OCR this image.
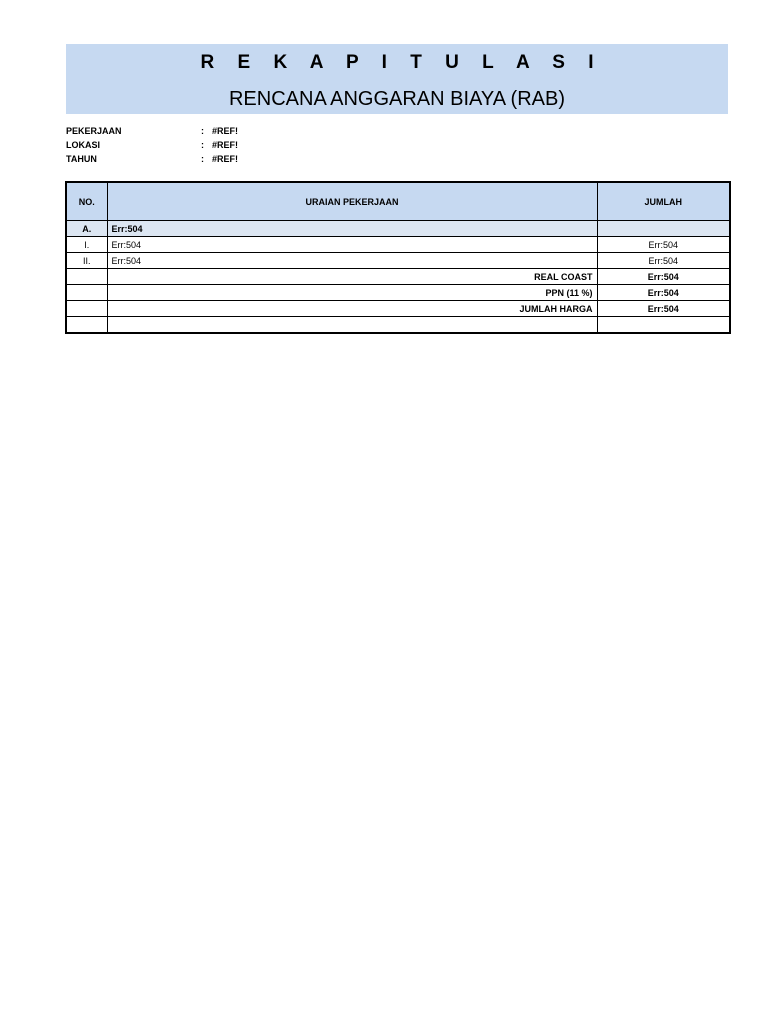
R E K A P I T U L A S I
RENCANA ANGGARAN BIAYA (RAB)
PEKERJAAN	: #REF!
LOKASI	: #REF!
TAHUN	: #REF!
NO.	URAIAN PEKERJAAN	JUMLAH
A.	Err:504	
I.	Err:504	Err:504
II.	Err:504	Err:504
	REAL COAST	Err:504
	PPN (11 %)	Err:504
	JUMLAH HARGA	Err:504
